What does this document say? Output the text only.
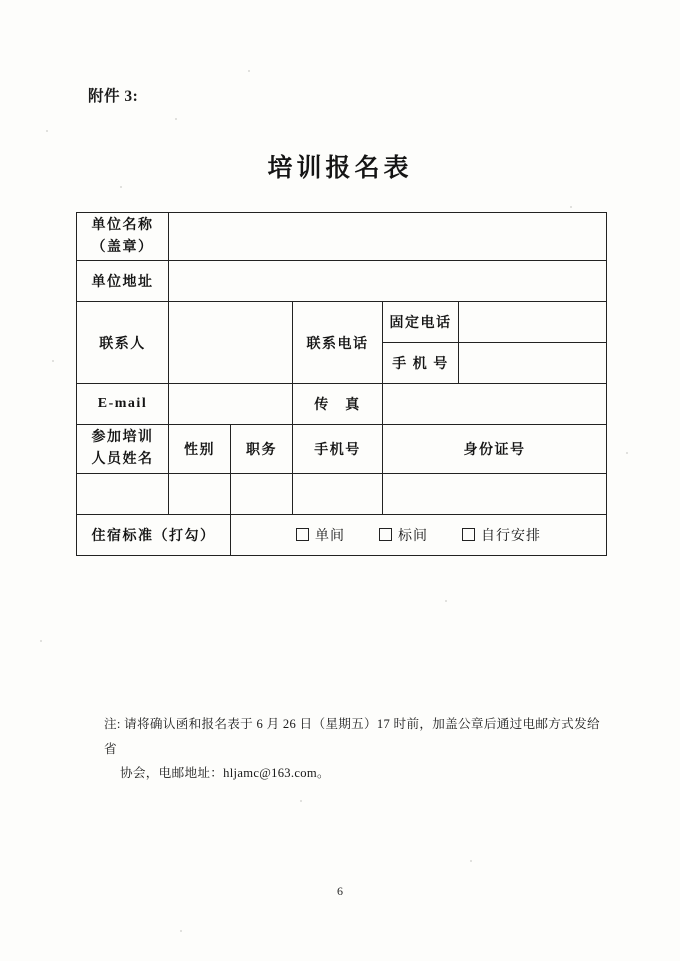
附件 3:
培训报名表
单位名称
（盖章）					

单位地址					
联系人			联系电话	固定电话	
				手 机 号	
E-mail			传　真		

参加培训
人员姓名	性别	职务	手机号	身份证号	

住宿标准（打勾）		单间 标间 自行安排			
注: 请将确认函和报名表于 6 月 26 日（星期五）17 时前，加盖公章后通过电邮方式发给省
协会，电邮地址：hljamc@163.com。
6
